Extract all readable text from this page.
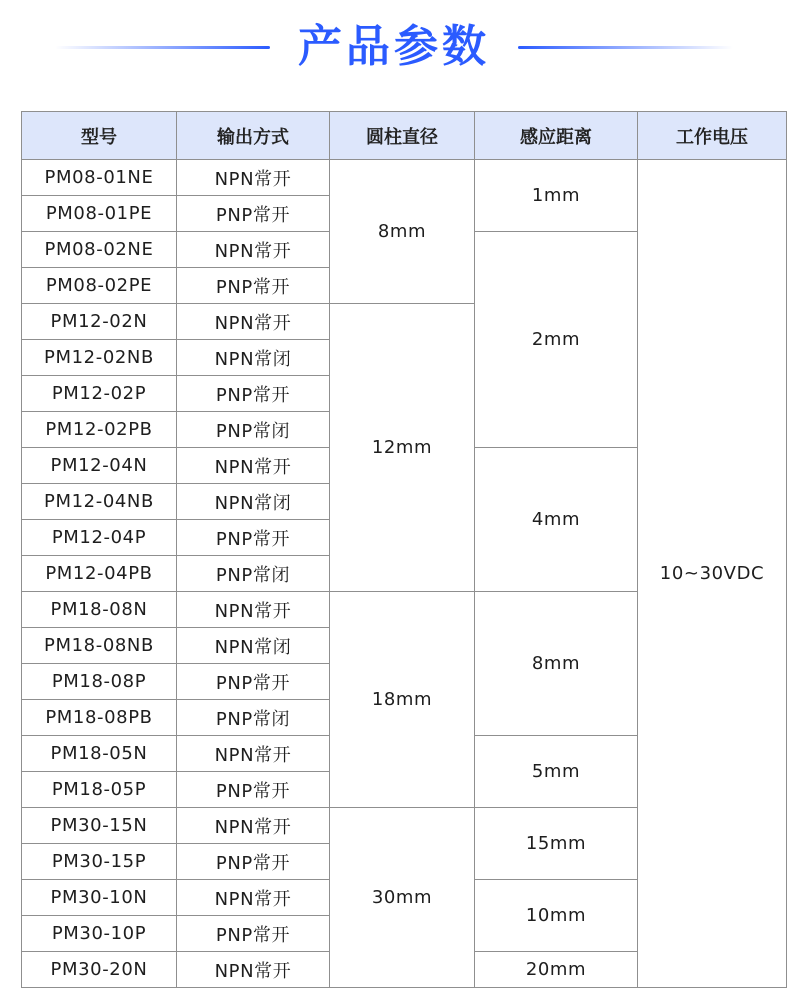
产品参数
型号	输出方式	圆柱直径	感应距离	工作电压
PM08-01NE	NPN常开	8mm	1mm	10~30VDC
PM08-01PE	PNP常开			
PM08-02NE	NPN常开		2mm	
PM08-02PE	PNP常开			
PM12-02N	NPN常开	12mm		
PM12-02NB	NPN常闭			
PM12-02P	PNP常开			
PM12-02PB	PNP常闭			
PM12-04N	NPN常开		4mm	
PM12-04NB	NPN常闭			
PM12-04P	PNP常开			
PM12-04PB	PNP常闭			
PM18-08N	NPN常开	18mm	8mm	
PM18-08NB	NPN常闭			
PM18-08P	PNP常开			
PM18-08PB	PNP常闭			
PM18-05N	NPN常开		5mm	
PM18-05P	PNP常开			
PM30-15N	NPN常开	30mm	15mm	
PM30-15P	PNP常开			
PM30-10N	NPN常开		10mm	
PM30-10P	PNP常开			
PM30-20N	NPN常开		20mm	
